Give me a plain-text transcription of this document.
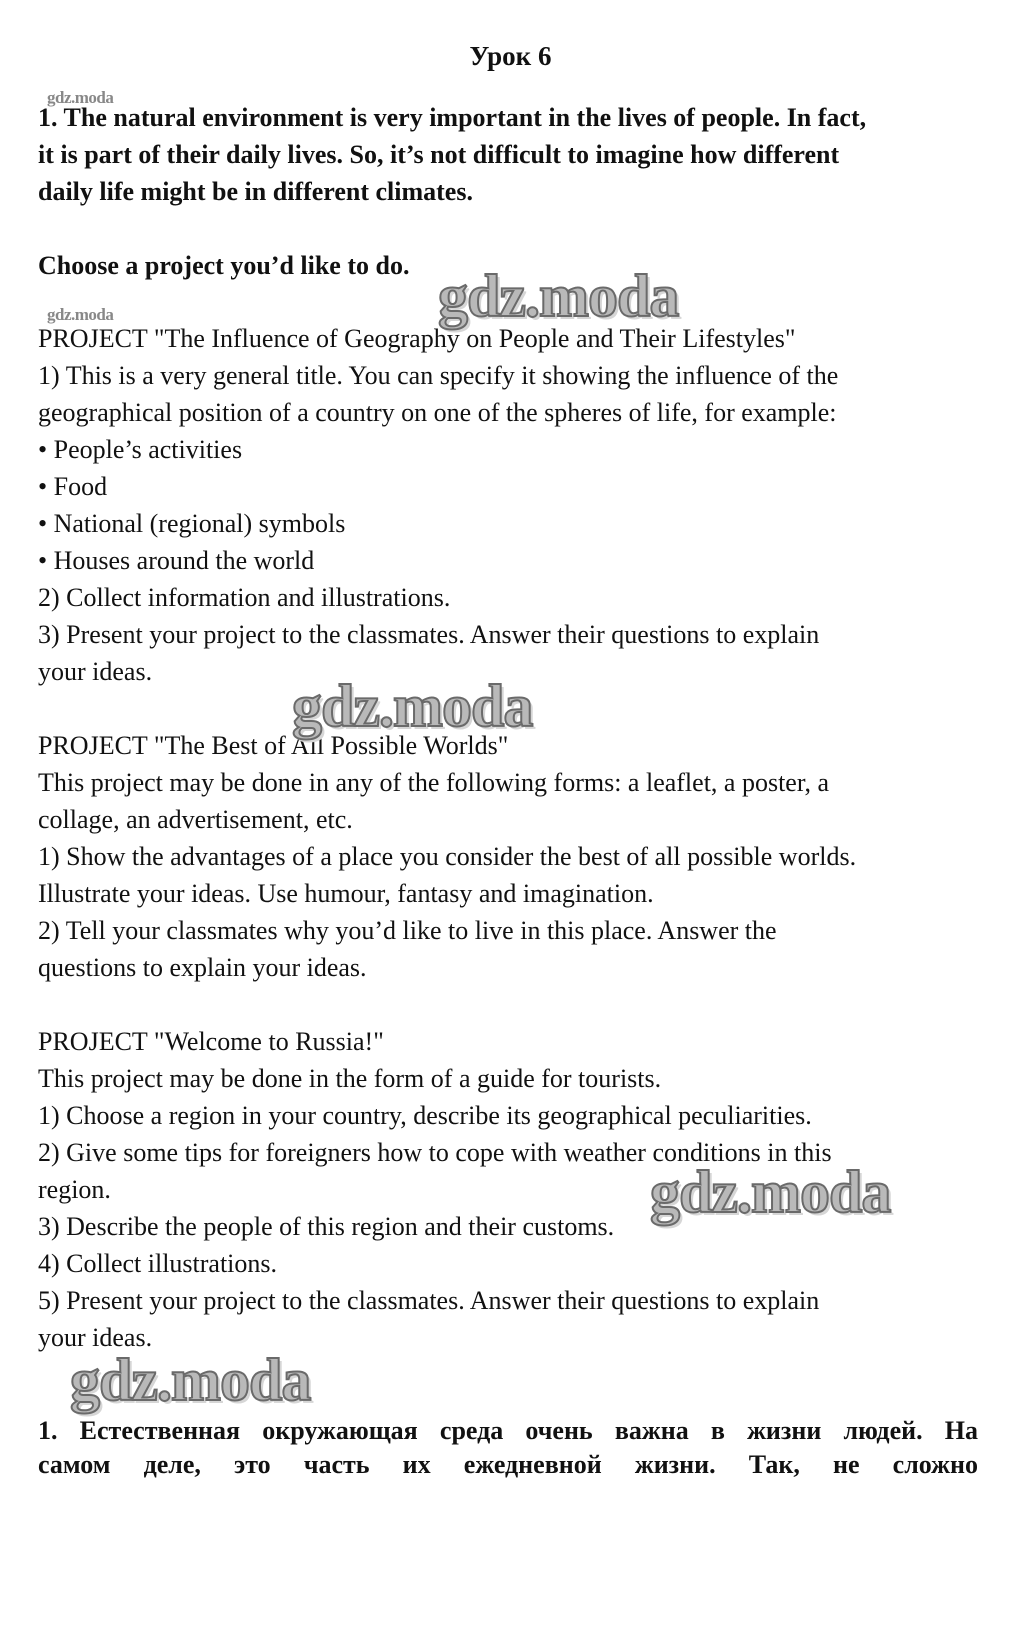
Урок 6
1. The natural environment is very important in the lives of people. In fact,
it is part of their daily lives. So, it’s not difficult to imagine how different
daily life might be in different climates.
Choose a project you’d like to do.
PROJECT "The Influence of Geography on People and Their Lifestyles"
1) This is a very general title. You can specify it showing the influence of the
geographical position of a country on one of the spheres of life, for example:
• People’s activities
• Food
• National (regional) symbols
• Houses around the world
2) Collect information and illustrations.
3) Present your project to the classmates. Answer their questions to explain
your ideas.
PROJECT "The Best of All Possible Worlds"
This project may be done in any of the following forms: a leaflet, a poster, a
collage, an advertisement, etc.
1) Show the advantages of a place you consider the best of all possible worlds.
Illustrate your ideas. Use humour, fantasy and imagination.
2) Tell your classmates why you’d like to live in this place. Answer the
questions to explain your ideas.
PROJECT "Welcome to Russia!"
This project may be done in the form of a guide for tourists.
1) Choose a region in your country, describe its geographical peculiarities.
2) Give some tips for foreigners how to cope with weather conditions in this
region.
3) Describe the people of this region and their customs.
4) Collect illustrations.
5) Present your project to the classmates. Answer their questions to explain
your ideas.
1. Естественная окружающая среда очень важна в жизни людей. На
самом деле, это часть их ежедневной жизни. Так, не сложно
gdz.moda
gdz.moda	gdz.moda
gdz.moda
gdz.moda
gdz.moda
